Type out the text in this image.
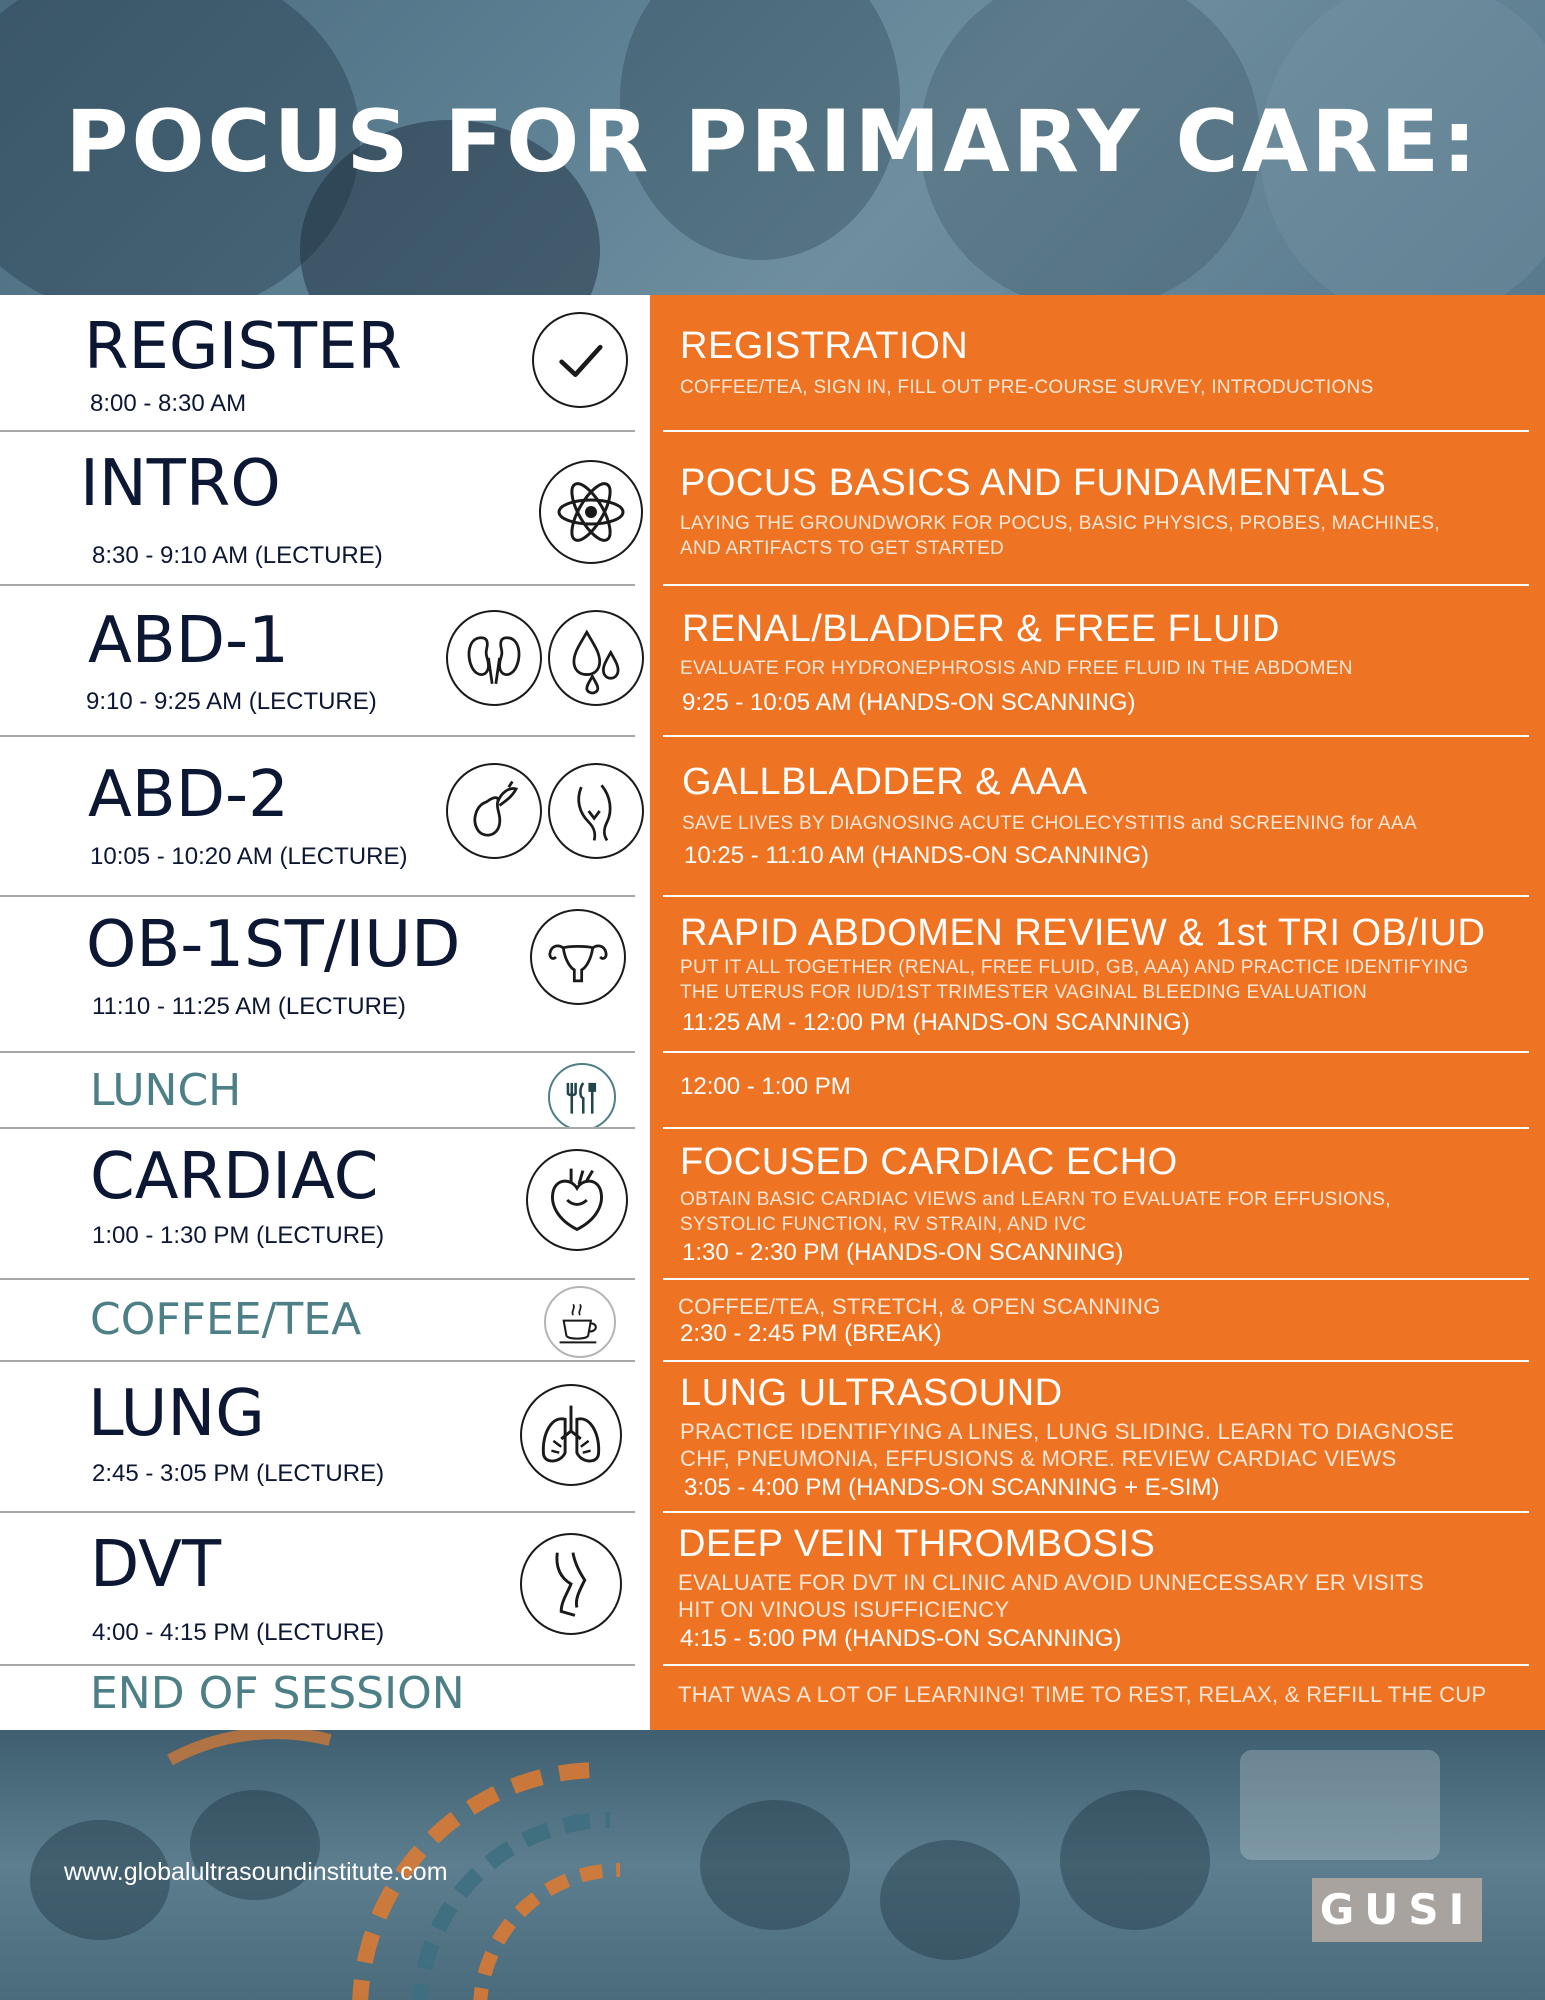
POCUS FOR PRIMARY CARE:
REGISTER
8:00 - 8:30 AM
REGISTRATION
COFFEE/TEA, SIGN IN, FILL OUT PRE-COURSE SURVEY, INTRODUCTIONS
INTRO
8:30 - 9:10 AM (LECTURE)
POCUS BASICS AND FUNDAMENTALS
LAYING THE GROUNDWORK FOR POCUS, BASIC PHYSICS, PROBES, MACHINES,
AND ARTIFACTS TO GET STARTED
ABD-1
9:10 - 9:25 AM (LECTURE)
RENAL/BLADDER & FREE FLUID
EVALUATE FOR HYDRONEPHROSIS AND FREE FLUID IN THE ABDOMEN
9:25 - 10:05 AM (HANDS-ON SCANNING)
ABD-2
10:05 - 10:20 AM (LECTURE)
GALLBLADDER & AAA
SAVE LIVES BY DIAGNOSING ACUTE CHOLECYSTITIS and SCREENING for AAA
10:25 - 11:10 AM (HANDS-ON SCANNING)
OB-1ST/IUD
11:10 - 11:25 AM (LECTURE)
RAPID ABDOMEN REVIEW & 1st TRI OB/IUD
PUT IT ALL TOGETHER (RENAL, FREE FLUID, GB, AAA) AND PRACTICE IDENTIFYING
THE UTERUS FOR IUD/1ST TRIMESTER VAGINAL BLEEDING EVALUATION
11:25 AM - 12:00 PM (HANDS-ON SCANNING)
LUNCH	12:00 - 1:00 PM
CARDIAC
1:00 - 1:30 PM (LECTURE)
FOCUSED CARDIAC ECHO
OBTAIN BASIC CARDIAC VIEWS and LEARN TO EVALUATE FOR EFFUSIONS,
SYSTOLIC FUNCTION, RV STRAIN, AND IVC
1:30 - 2:30 PM (HANDS-ON SCANNING)
COFFEE/TEA	COFFEE/TEA, STRETCH, & OPEN SCANNING
2:30 - 2:45 PM (BREAK)
LUNG
2:45 - 3:05 PM (LECTURE)
LUNG ULTRASOUND
PRACTICE IDENTIFYING A LINES, LUNG SLIDING. LEARN TO DIAGNOSE
CHF, PNEUMONIA, EFFUSIONS & MORE. REVIEW CARDIAC VIEWS
3:05 - 4:00 PM (HANDS-ON SCANNING + E-SIM)
DVT
4:00 - 4:15 PM (LECTURE)
DEEP VEIN THROMBOSIS
EVALUATE FOR DVT IN CLINIC AND AVOID UNNECESSARY ER VISITS
HIT ON VINOUS ISUFFICIENCY
4:15 - 5:00 PM (HANDS-ON SCANNING)
END OF SESSION	THAT WAS A LOT OF LEARNING! TIME TO REST, RELAX, & REFILL THE CUP
www.globalultrasoundinstitute.com
GUSI
